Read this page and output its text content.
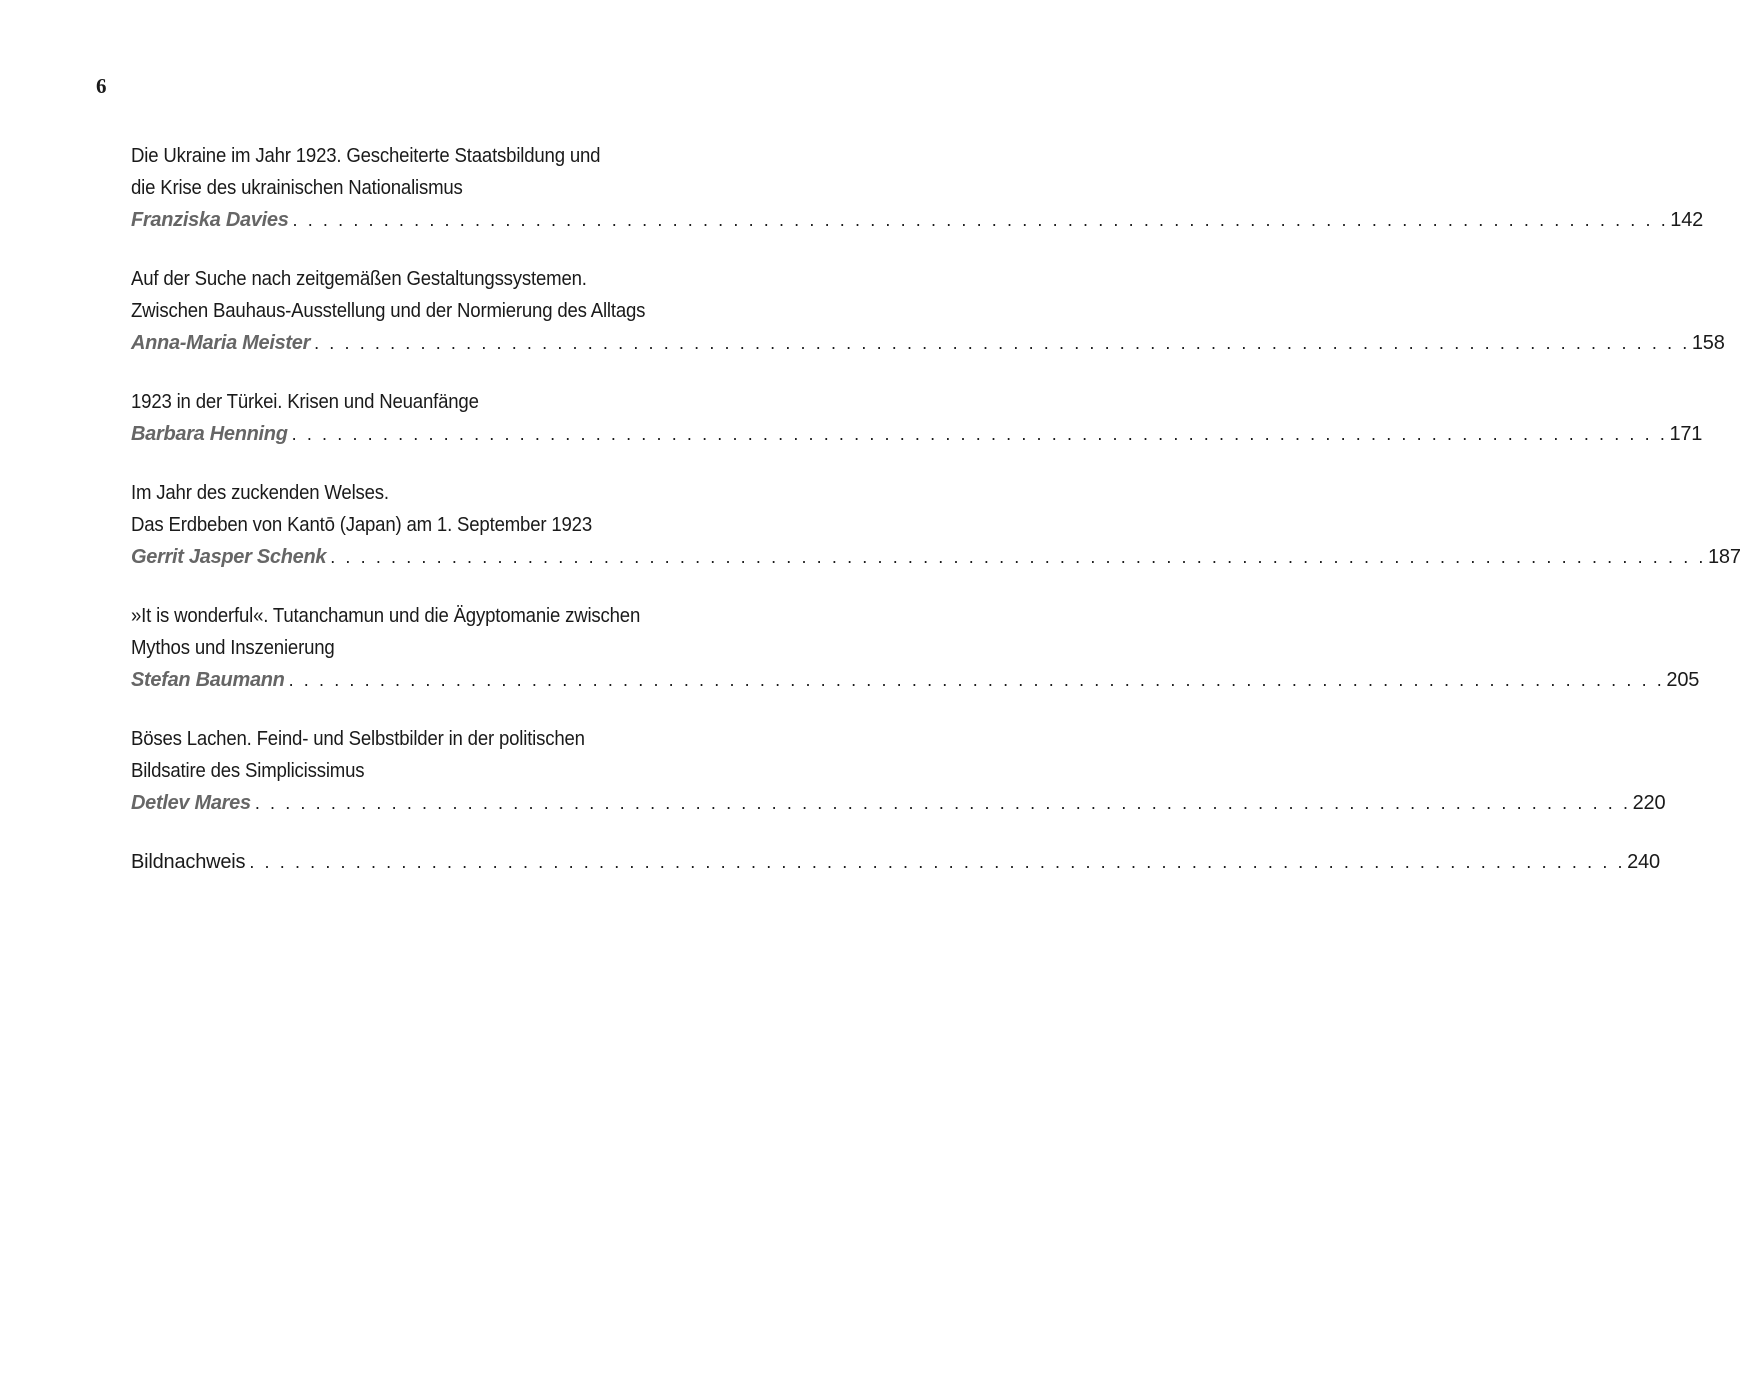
6
Die Ukraine im Jahr 1923. Gescheiterte Staatsbildung und
die Krise des ukrainischen Nationalismus
Franziska Davies . . . . . . . . . . . . . . . . . . . . . . . . . . . . . . . . . . . . . . . . . . . . . . . . . . . . . . . . . . . . . . . . . . . . . . . . . . . . . . . . . . . . . . . . . . . 142
Auf der Suche nach zeitgemäßen Gestaltungssystemen.
Zwischen Bauhaus-Ausstellung und der Normierung des Alltags
Anna-Maria Meister . . . . . . . . . . . . . . . . . . . . . . . . . . . . . . . . . . . . . . . . . . . . . . . . . . . . . . . . . . . . . . . . . . . . . . . . . . . . . . . . . . . . . . . . . . . 158
1923 in der Türkei. Krisen und Neuanfänge
Barbara Henning . . . . . . . . . . . . . . . . . . . . . . . . . . . . . . . . . . . . . . . . . . . . . . . . . . . . . . . . . . . . . . . . . . . . . . . . . . . . . . . . . . . . . . . . . . . 171
Im Jahr des zuckenden Welses.
Das Erdbeben von Kantō (Japan) am 1. September 1923
Gerrit Jasper Schenk . . . . . . . . . . . . . . . . . . . . . . . . . . . . . . . . . . . . . . . . . . . . . . . . . . . . . . . . . . . . . . . . . . . . . . . . . . . . . . . . . . . . . . . . . . . 187
»It is wonderful«. Tutanchamun und die Ägyptomanie zwischen
Mythos und Inszenierung
Stefan Baumann . . . . . . . . . . . . . . . . . . . . . . . . . . . . . . . . . . . . . . . . . . . . . . . . . . . . . . . . . . . . . . . . . . . . . . . . . . . . . . . . . . . . . . . . . . . 205
Böses Lachen. Feind- und Selbstbilder in der politischen
Bildsatire des Simplicissimus
Detlev Mares . . . . . . . . . . . . . . . . . . . . . . . . . . . . . . . . . . . . . . . . . . . . . . . . . . . . . . . . . . . . . . . . . . . . . . . . . . . . . . . . . . . . . . . . . . . 220
Bildnachweis . . . . . . . . . . . . . . . . . . . . . . . . . . . . . . . . . . . . . . . . . . . . . . . . . . . . . . . . . . . . . . . . . . . . . . . . . . . . . . . . . . . . . . . . . . . 240
